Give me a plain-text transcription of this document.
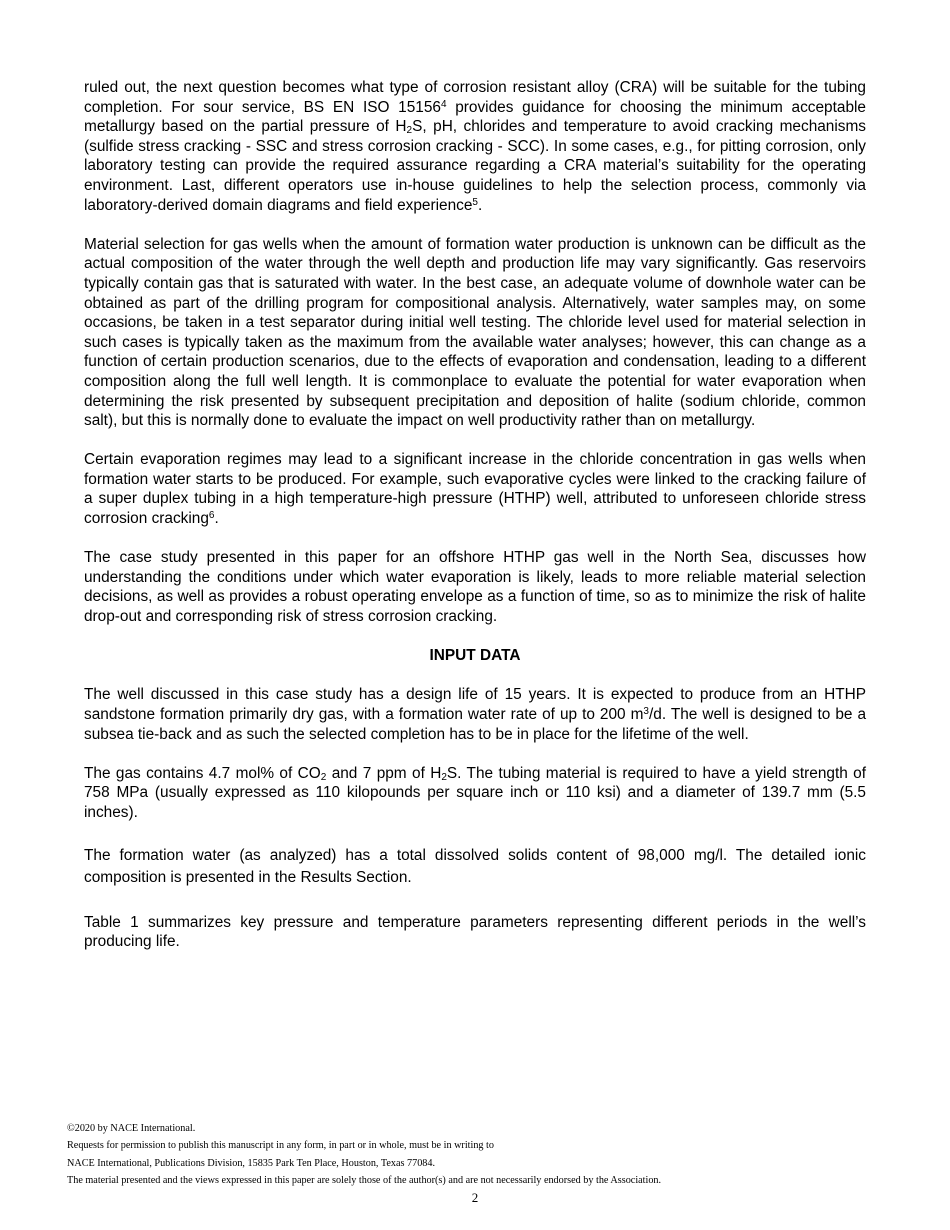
ruled out, the next question becomes what type of corrosion resistant alloy (CRA) will be suitable for the tubing completion. For sour service, BS EN ISO 15156$^4$ provides guidance for choosing the minimum acceptable metallurgy based on the partial pressure of $H_2S$, pH, chlorides and temperature to avoid cracking mechanisms (sulfide stress cracking - SSC and stress corrosion cracking - SCC). In some cases, e.g., for pitting corrosion, only laboratory testing can provide the required assurance regarding a CRA material’s suitability for the operating environment. Last, different operators use in-house guidelines to help the selection process, commonly via laboratory-derived domain diagrams and field experience$^5$.
Material selection for gas wells when the amount of formation water production is unknown can be difficult as the actual composition of the water through the well depth and production life may vary significantly. Gas reservoirs typically contain gas that is saturated with water. In the best case, an adequate volume of downhole water can be obtained as part of the drilling program for compositional analysis. Alternatively, water samples may, on some occasions, be taken in a test separator during initial well testing. The chloride level used for material selection in such cases is typically taken as the maximum from the available water analyses; however, this can change as a function of certain production scenarios, due to the effects of evaporation and condensation, leading to a different composition along the full well length. It is commonplace to evaluate the potential for water evaporation when determining the risk presented by subsequent precipitation and deposition of halite (sodium chloride, common salt), but this is normally done to evaluate the impact on well productivity rather than on metallurgy.
Certain evaporation regimes may lead to a significant increase in the chloride concentration in gas wells when formation water starts to be produced. For example, such evaporative cycles were linked to the cracking failure of a super duplex tubing in a high temperature-high pressure (HTHP) well, attributed to unforeseen chloride stress corrosion cracking$^6$.
The case study presented in this paper for an offshore HTHP gas well in the North Sea, discusses how understanding the conditions under which water evaporation is likely, leads to more reliable material selection decisions, as well as provides a robust operating envelope as a function of time, so as to minimize the risk of halite drop-out and corresponding risk of stress corrosion cracking.
INPUT DATA
The well discussed in this case study has a design life of 15 years. It is expected to produce from an HTHP sandstone formation primarily dry gas, with a formation water rate of up to 200 $m^3/d$. The well is designed to be a subsea tie-back and as such the selected completion has to be in place for the lifetime of the well.
The gas contains 4.7 mol% of $CO_2$ and 7 ppm of $H_2S$. The tubing material is required to have a yield strength of 758 MPa (usually expressed as 110 kilopounds per square inch or 110 ksi) and a diameter of 139.7 mm (5.5 inches).
The formation water (as analyzed) has a total dissolved solids content of 98,000 mg/l. The detailed ionic composition is presented in the Results Section.
Table 1 summarizes key pressure and temperature parameters representing different periods in the well’s producing life.
©2020 by NACE International.
Requests for permission to publish this manuscript in any form, in part or in whole, must be in writing to
NACE International, Publications Division, 15835 Park Ten Place, Houston, Texas 77084.
The material presented and the views expressed in this paper are solely those of the author(s) and are not necessarily endorsed by the Association.
2
